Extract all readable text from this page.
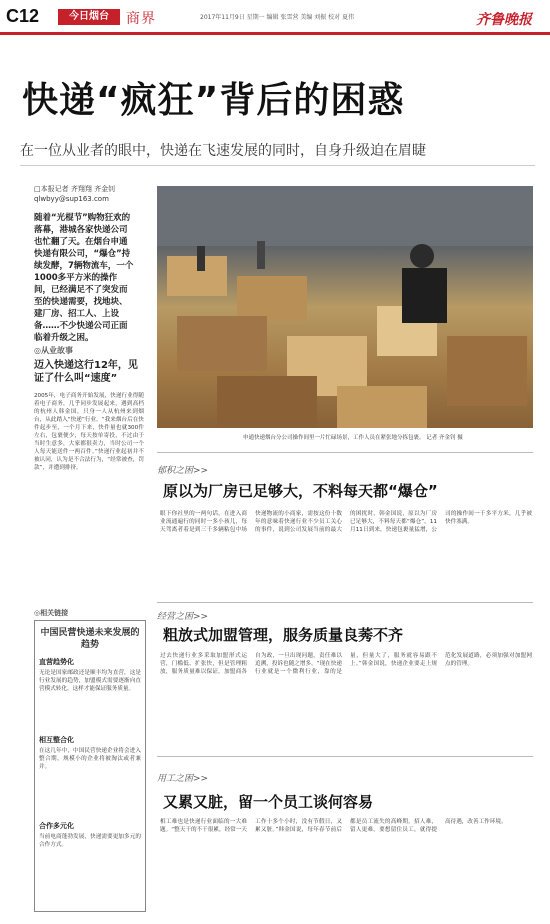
C12	今日烟台	商界	2017年11月9日 星期一 编辑 张雪营 美编 刘振 校对 夏伟	齐鲁晚报
快递“疯狂”背后的困惑
在一位从业者的眼中，快递在飞速发展的同时，自身升级迫在眉睫
□本报记者 齐翔翔 齐金钊
qlwbyy@sup163.com
随着“光棍节”购物狂欢的落幕，港城各家快递公司也忙翻了天。在烟台申通快递有限公司，“爆仓”持续发酵，7辆物流车，一个1000多平方米的操作间，已经满足不了突发而至的快递需要，找地块、建厂房、招工人、上设备……不少快递公司正面临着升级之困。
◎从业故事
迈入快递这行12年，见证了什么叫“速度”
2005年，电子商务开始发展，快递行业得随着电子商务，几乎同步发展起来，遇到高档的杭州人韩金国，只身一人从杭州来到烟台，从此踏入“快递”行业。“我来烟台后在快件起步至，一个月下来，快件量也就300件左右，包裹便少，每天按单寄投，不过由于当时生意多，大家都很卖力，当时公司一个人每天能送件一两百件。”快递行业起初并不被认同，认为是不合法行为，“经常被查，罚款”，并遭到排挤。
申通快递烟台分公司操作间里一片忙碌场景，工作人员在紧张地分拣包裹。 记者 齐金钊 摄
郁积之困>>
原以为厂房已足够大，不料每天都“爆仓”
眼下你社里的一两句话，在进入商业流通遍行的同时一多小孩儿，每天驾离者着是到三千多辆粘包中场快递物流的小商家，需按这份十数年的意味着快递行业不少员工关心的事件，说到公司发展当前的最大的困扰时，韩金国说，原以为厂房已足够大，不料每天都“爆仓”。11月11日到来，快递包裹量猛增，公司的操作间一千多平方米，几乎被快件塞满。
经营之困>>
粗放式加盟管理，服务质量良莠不齐
过去快递行业多采取加盟形式运营，门槛低、扩张快，但是管理粗放，服务质量难以保证。加盟商各自为政，一旦出现问题，责任难以追溯，投诉也随之增多。“现在快递行业就是一个微利行业，靠的是量，但量大了，服务就容易跟不上。”韩金国说，快递企业要走上规范化发展道路，必须加强对加盟网点的管理。
用工之困>>
又累又脏，留一个员工谈何容易
相工难也是快递行业面临的一大难题。“整天干的不干很累，经常一天工作十多个小时，没有节假日，又累又脏。”韩金国说，每年春节前后都是员工流失的高峰期，招人难，留人更难。要想留住员工，就得提高待遇，改善工作环境。
◎相关链接
中国民营快递未来发展的趋势
直营趋势化
无论是国家邮政还是顺丰均为直营，这是行业发展的趋势，加盟模式需要逐渐向直营模式转化，这样才能保证服务质量。
相互整合化
在这几年中，中国民营快递企业将会进入整合期，规模小的企业将被淘汰或者兼并。
合作多元化
当前电商蓬勃发展，快递需要更加多元的合作方式。
